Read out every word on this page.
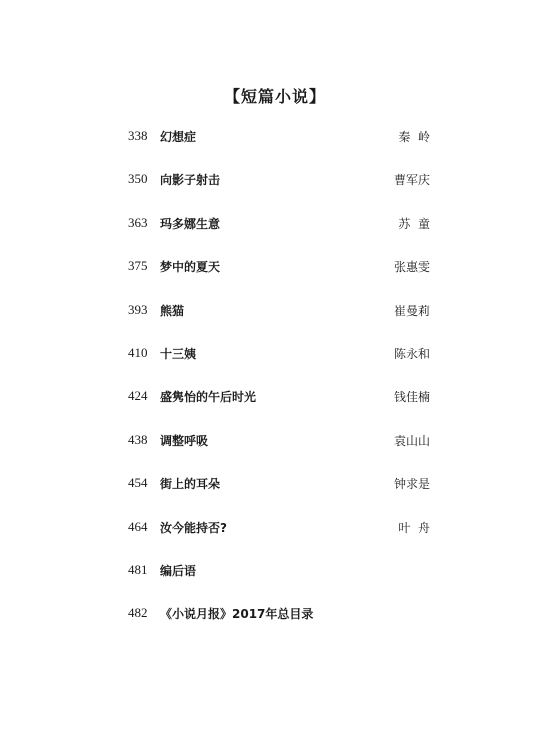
【短篇小说】
338 幻想症	秦  岭
350 向影子射击	曹军庆
363 玛多娜生意	苏  童
375 梦中的夏天	张惠雯
393 熊猫	崔曼莉
410 十三姨	陈永和
424 盛隽怡的午后时光	钱佳楠
438 调整呼吸	袁山山
454 街上的耳朵	钟求是
464 汝今能持否?	叶  舟
481 编后语
482 《小说月报》2017年总目录
